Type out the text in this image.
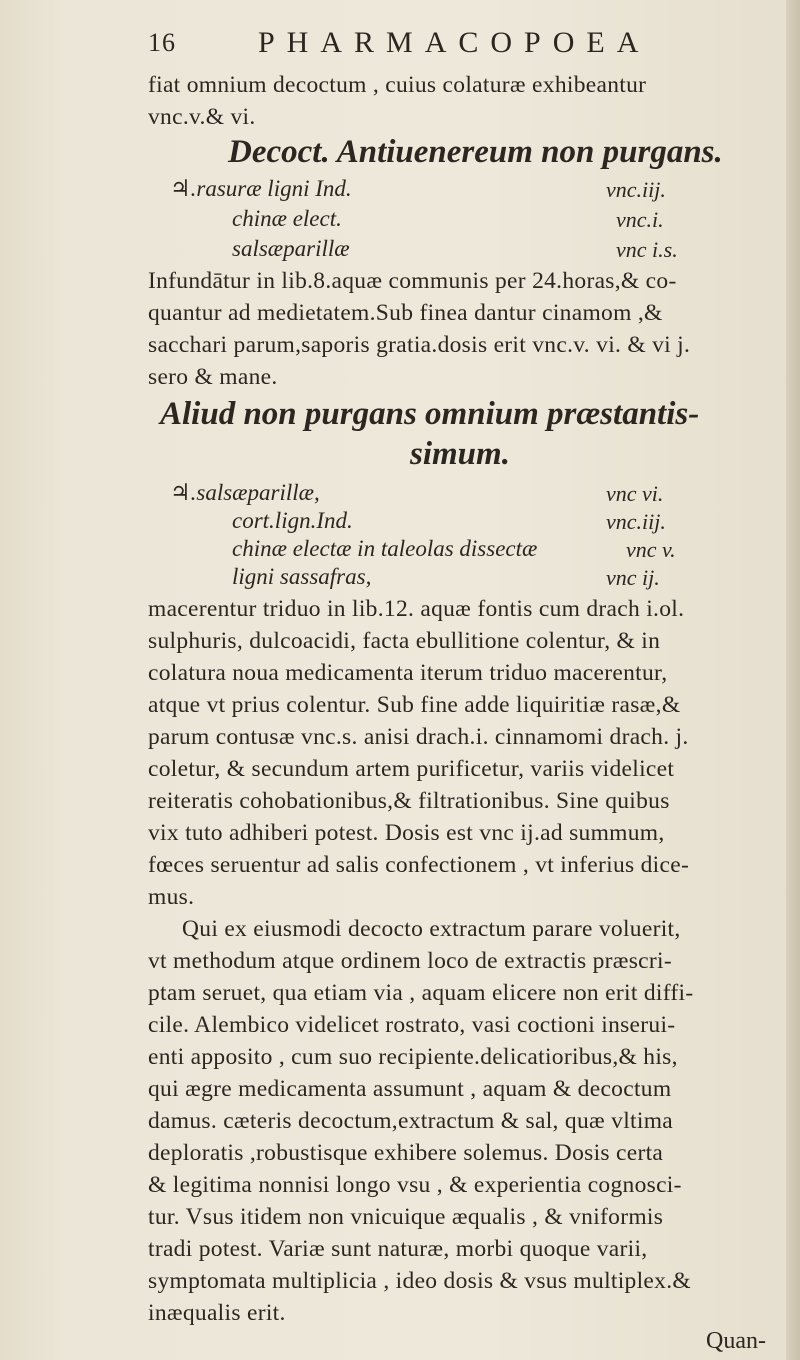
16	PHARMACOPOEA
fiat omnium decoctum , cuius colaturæ exhibeantur
vnc.v.& vi.
Decoct. Antiuenereum non purgans.
♃.rasuræ ligni Ind.	vnc.iij.
chinæ elect.	vnc.i.
salsæparillæ	vnc i.s.
Infundātur in lib.8.aquæ communis per 24.horas,& co-
quantur ad medietatem.Sub finea dantur cinamom ,&
sacchari parum,saporis gratia.dosis erit vnc.v. vi. & vi j.
sero & mane.
Aliud non purgans omnium præstantis-
simum.
♃.salsæparillæ,	vnc vi.
cort.lign.Ind.	vnc.iij.
chinæ electæ in taleolas dissectæ	vnc v.
ligni sassafras,	vnc ij.
macerentur triduo in lib.12. aquæ fontis cum drach i.ol.
sulphuris, dulcoacidi, facta ebullitione colentur, & in
colatura noua medicamenta iterum triduo macerentur,
atque vt prius colentur. Sub fine adde liquiritiæ rasæ,&
parum contusæ vnc.s. anisi drach.i. cinnamomi drach. j.
coletur, & secundum artem purificetur, variis videlicet
reiteratis cohobationibus,& filtrationibus. Sine quibus
vix tuto adhiberi potest. Dosis est vnc ij.ad summum,
fœces seruentur ad salis confectionem , vt inferius dice-
mus.
Qui ex eiusmodi decocto extractum parare voluerit,
vt methodum atque ordinem loco de extractis præscri-
ptam seruet, qua etiam via , aquam elicere non erit diffi-
cile. Alembico videlicet rostrato, vasi coctioni inserui-
enti apposito , cum suo recipiente.delicatioribus,& his,
qui ægre medicamenta assumunt , aquam & decoctum
damus. cæteris decoctum,extractum & sal, quæ vltima
deploratis ,robustisque exhibere solemus. Dosis certa
& legitima nonnisi longo vsu , & experientia cognosci-
tur. Vsus itidem non vnicuique æqualis , & vniformis
tradi potest. Variæ sunt naturæ, morbi quoque varii,
symptomata multiplicia , ideo dosis & vsus multiplex.&
inæqualis erit.
Quan-
